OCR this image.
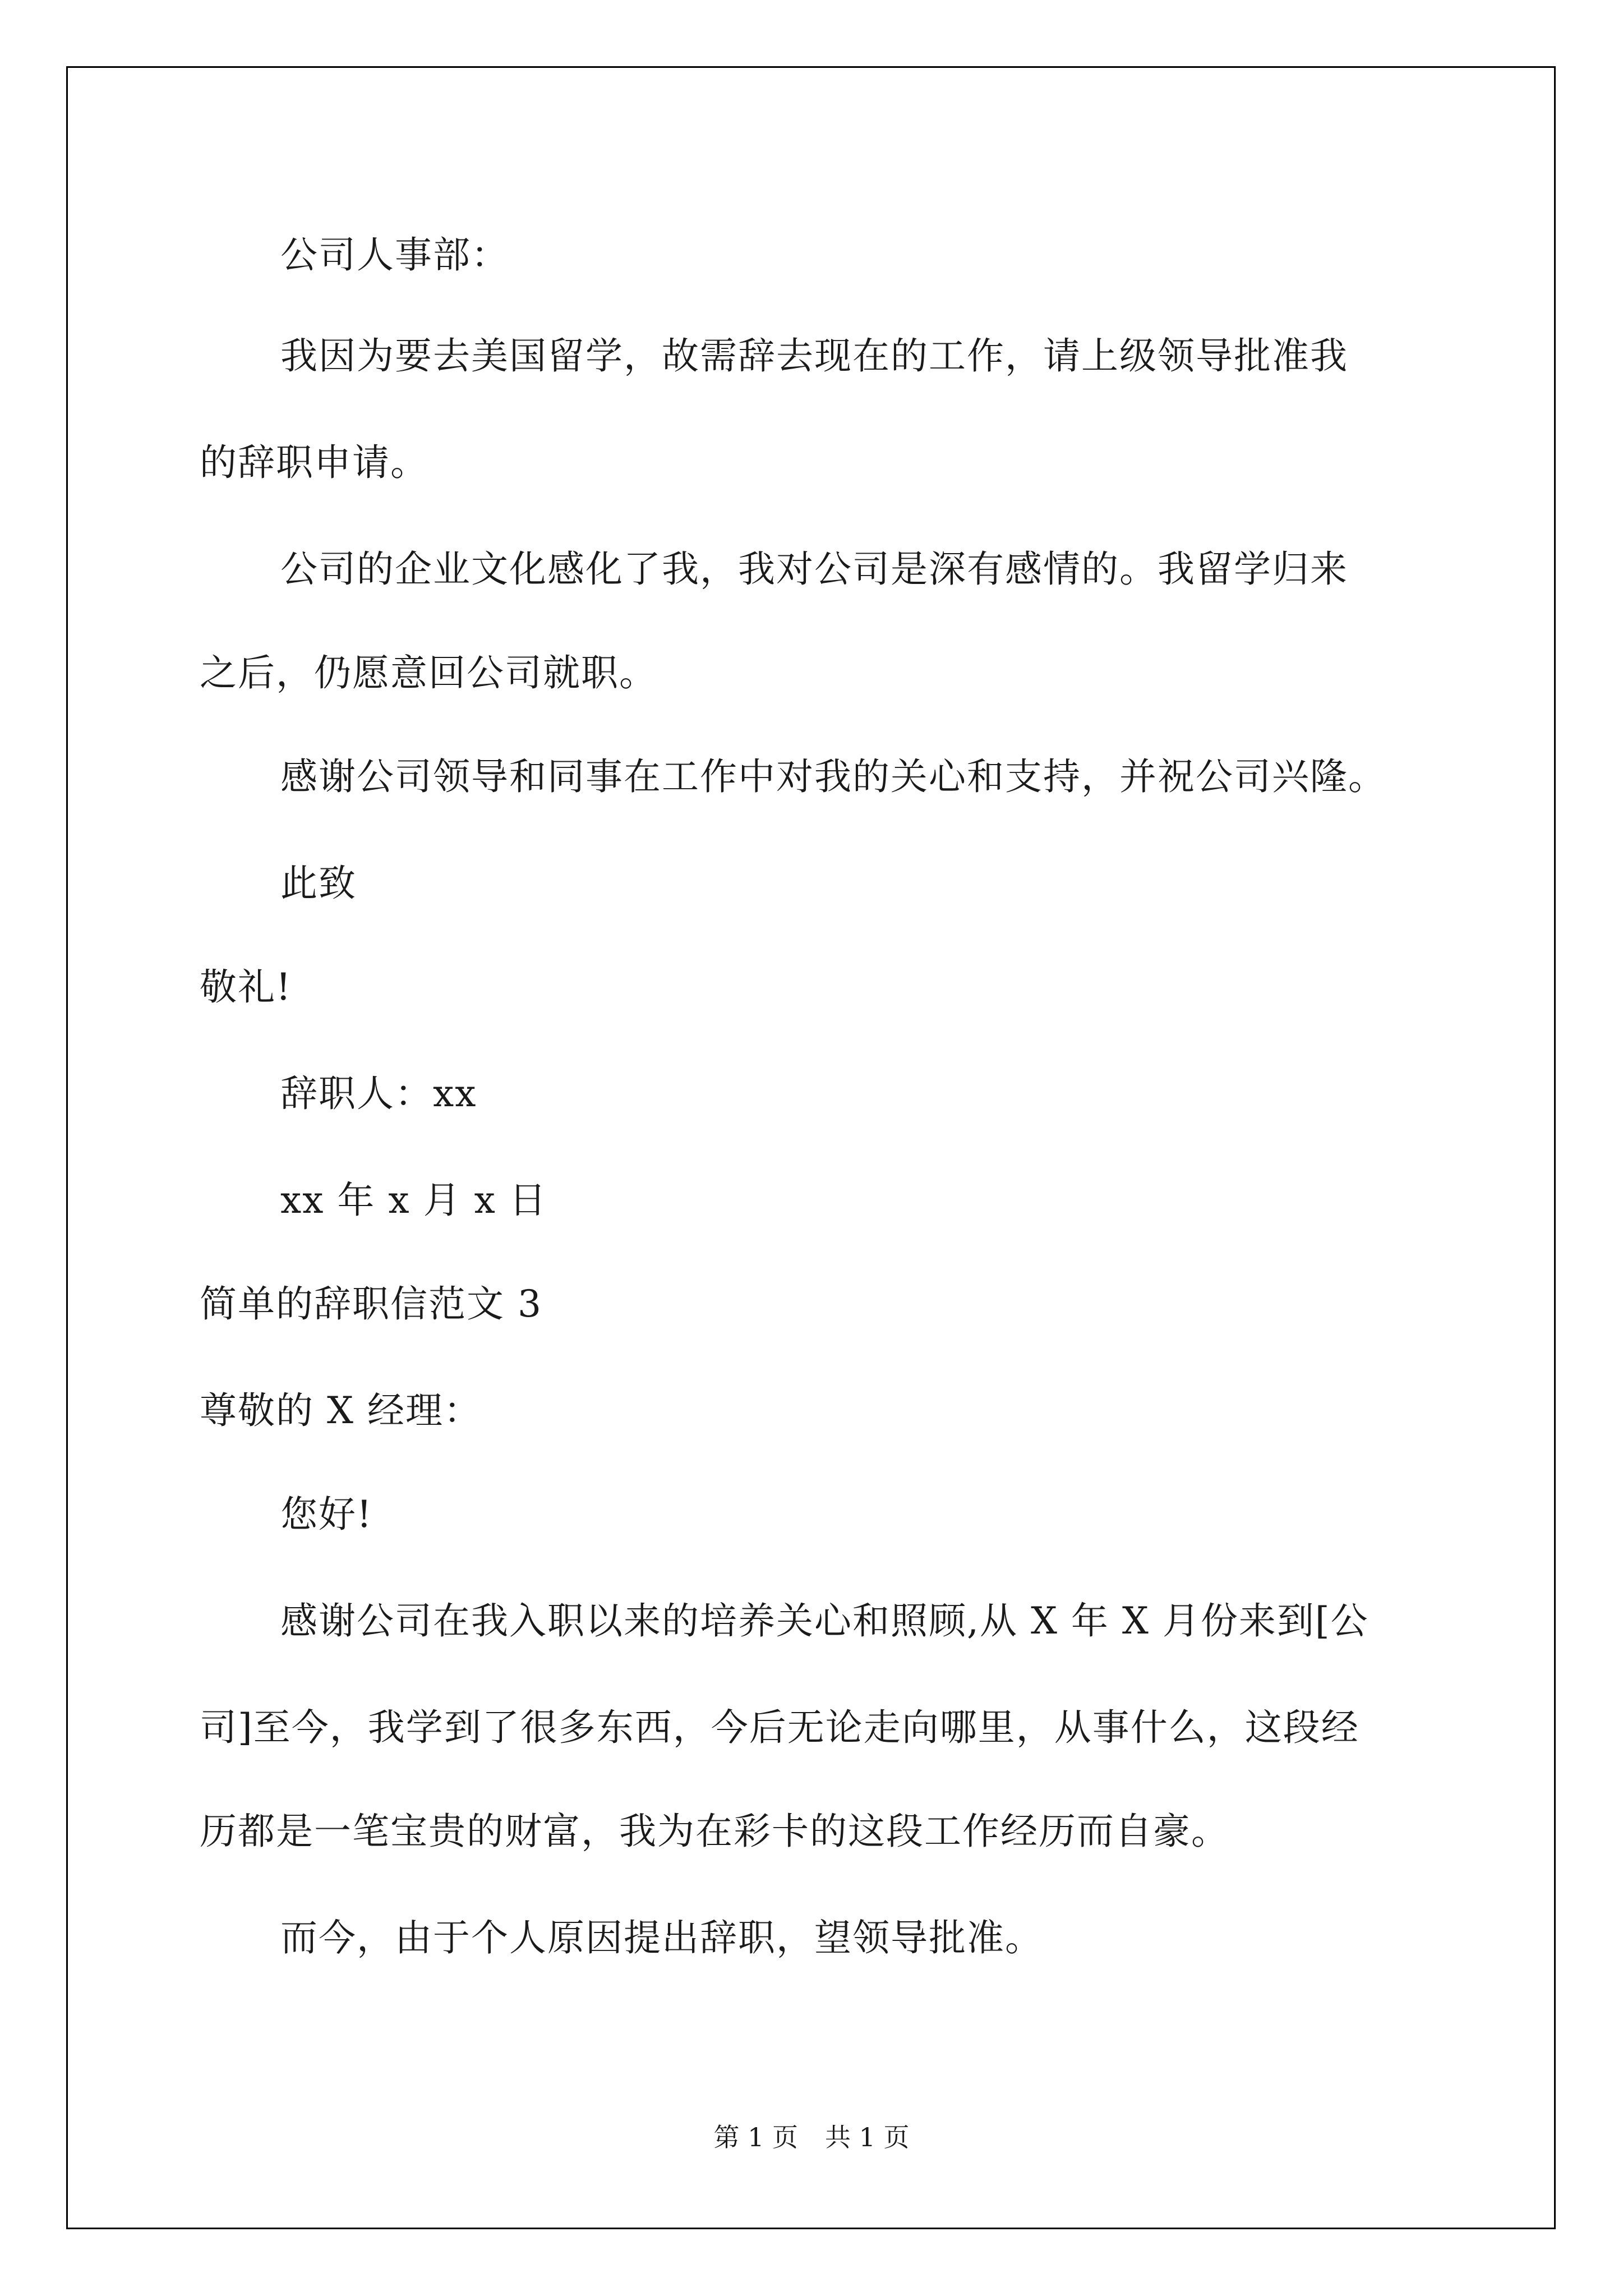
公司人事部：
我因为要去美国留学，故需辞去现在的工作，请上级领导批准我
的辞职申请。
公司的企业文化感化了我，我对公司是深有感情的。我留学归来
之后，仍愿意回公司就职。
感谢公司领导和同事在工作中对我的关心和支持，并祝公司兴隆。
此致
敬礼!
辞职人：xx
xx 年 x 月 x 日
简单的辞职信范文 3
尊敬的 X 经理：
您好!
感谢公司在我入职以来的培养关心和照顾,从 X 年 X 月份来到[公
司]至今，我学到了很多东西，今后无论走向哪里，从事什么，这段经
历都是一笔宝贵的财富，我为在彩卡的这段工作经历而自豪。
而今，由于个人原因提出辞职，望领导批准。
第 1 页 共 1 页
